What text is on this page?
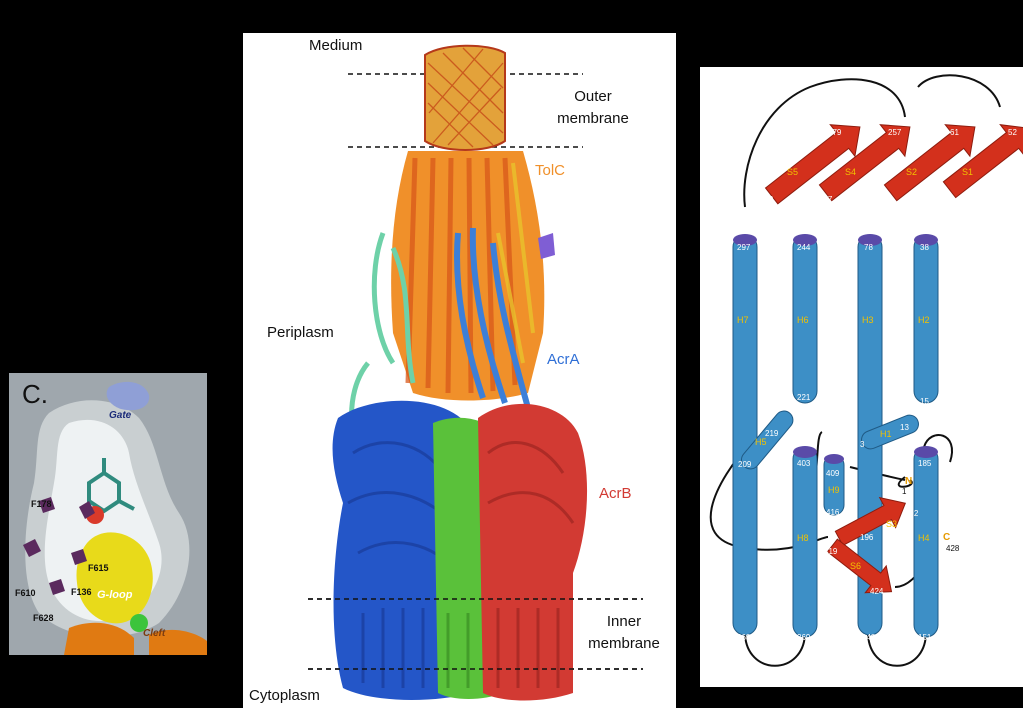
C.
Gate
F178
F615
F610	F136
F628
G-loop
Cleft
Medium
Outer
membrane
TolC
Periplasm
AcrA
AcrB
Inner
membrane
Cytoplasm
H7	H6	H3	H2
H5
H1
H9
H8	H4
S5	S4	S2	S1
S3
S6
N
C
279	257	61	52
289	247	74	41
297	244	78	38
221	15
219
209
3
13
403
409
416
185
192
196
419
424
1
428
363	369	143	151
